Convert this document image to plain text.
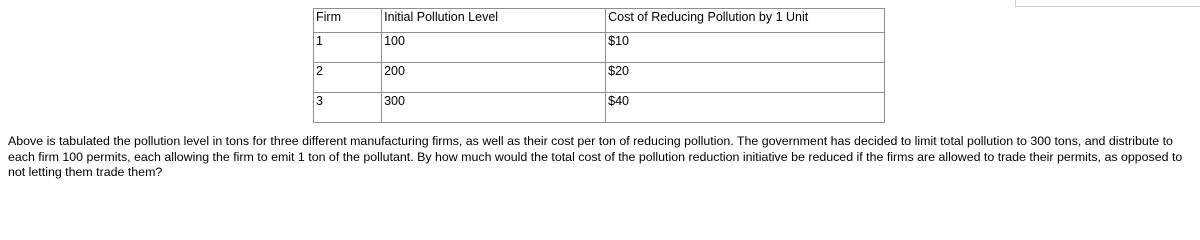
Firm	Initial Pollution Level	Cost of Reducing Pollution by 1 Unit
1	100	$10
2	200	$20
3	300	$40

Above is tabulated the pollution level in tons for three different manufacturing firms, as well as their cost per ton of reducing pollution. The government has decided to limit total pollution to 300 tons, and distribute to each firm 100 permits, each allowing the firm to emit 1 ton of the pollutant. By how much would the total cost of the pollution reduction initiative be reduced if the firms are allowed to trade their permits, as opposed to not letting them trade them?
